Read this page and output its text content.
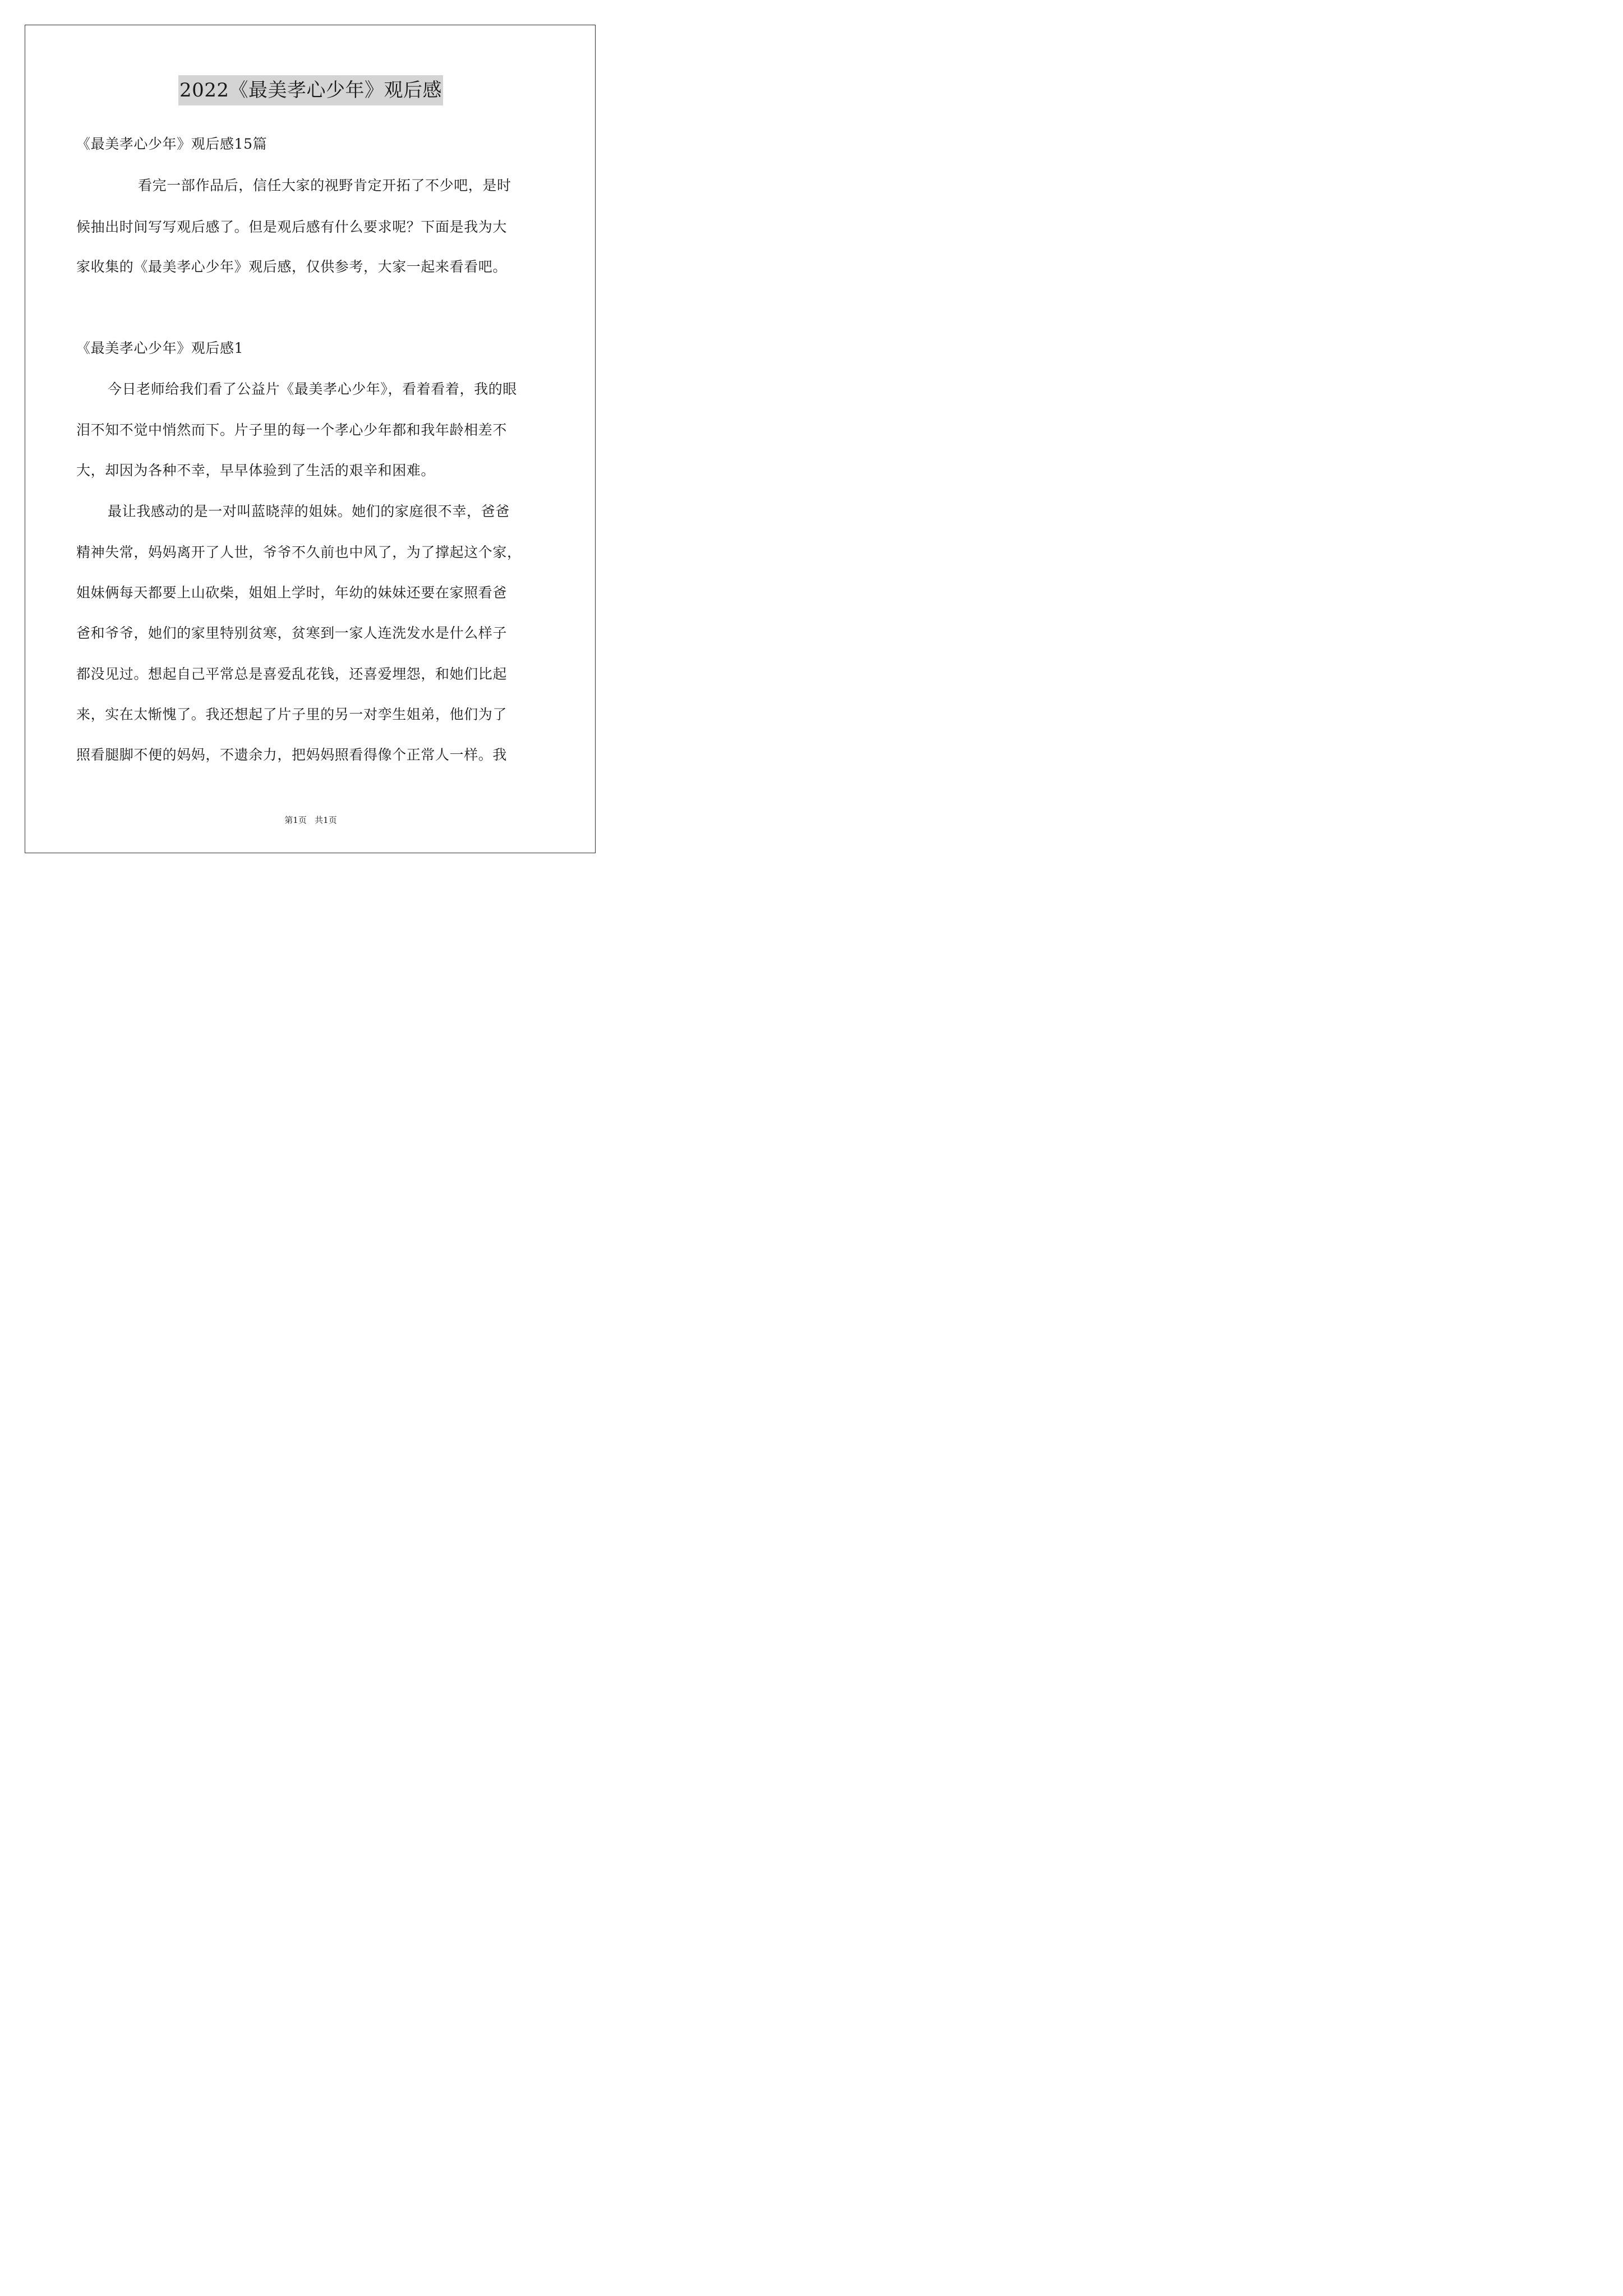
2022《最美孝心少年》观后感
《最美孝心少年》观后感15篇
看完一部作品后，信任大家的视野肯定开拓了不少吧，是时
候抽出时间写写观后感了。但是观后感有什么要求呢？下面是我为大
家收集的《最美孝心少年》观后感，仅供参考，大家一起来看看吧。
《最美孝心少年》观后感1
今日老师给我们看了公益片《最美孝心少年》，看着看着，我的眼
泪不知不觉中悄然而下。片子里的每一个孝心少年都和我年龄相差不
大，却因为各种不幸，早早体验到了生活的艰辛和困难。
最让我感动的是一对叫蓝晓萍的姐妹。她们的家庭很不幸，爸爸
精神失常，妈妈离开了人世，爷爷不久前也中风了，为了撑起这个家，
姐妹俩每天都要上山砍柴，姐姐上学时，年幼的妹妹还要在家照看爸
爸和爷爷，她们的家里特别贫寒，贫寒到一家人连洗发水是什么样子
都没见过。想起自己平常总是喜爱乱花钱，还喜爱埋怨，和她们比起
来，实在太惭愧了。我还想起了片子里的另一对孪生姐弟，他们为了
照看腿脚不便的妈妈，不遗余力，把妈妈照看得像个正常人一样。我
第1页   共1页
